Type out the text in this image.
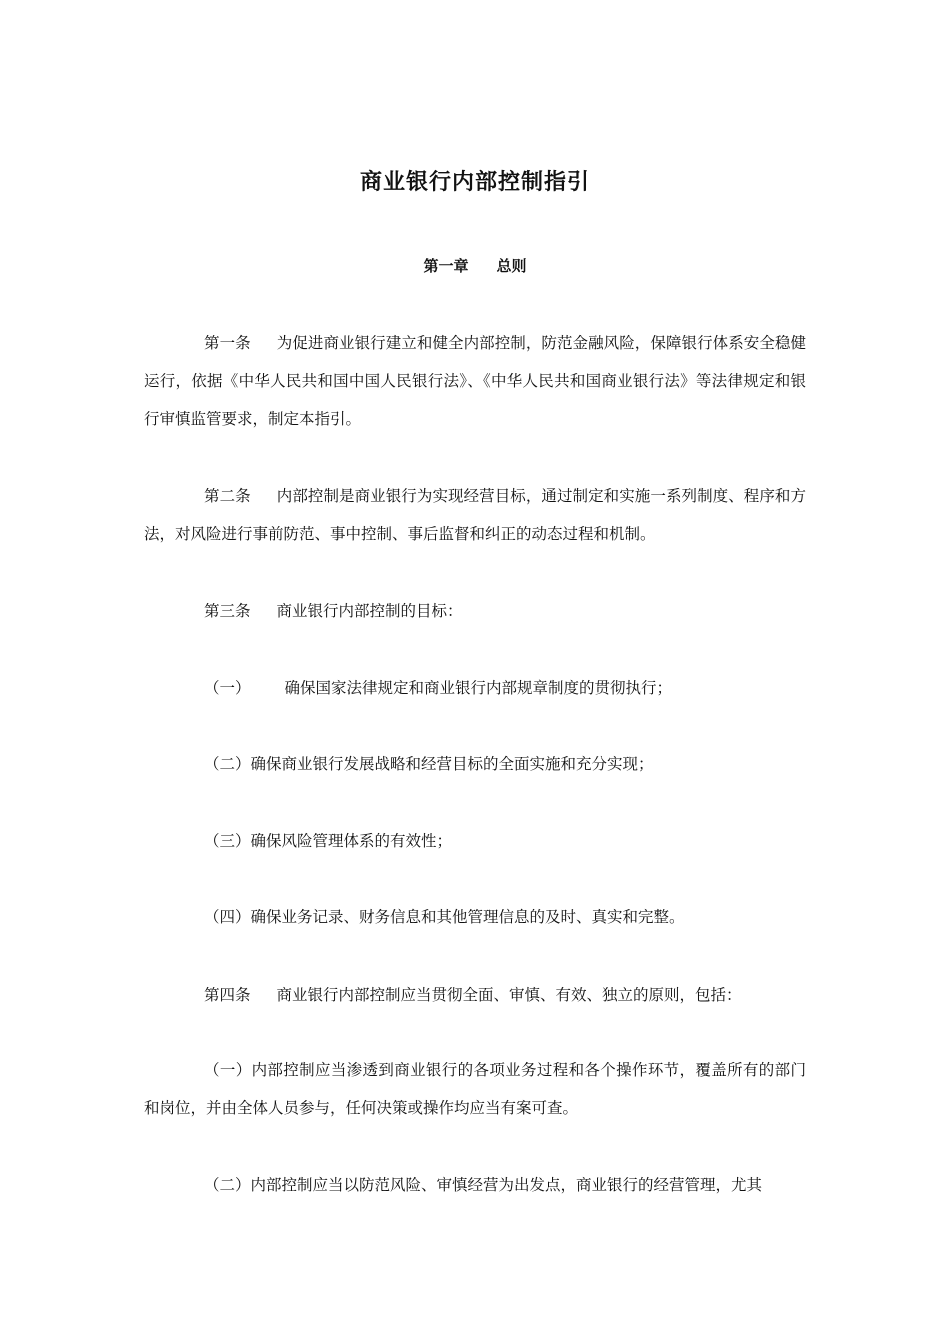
商业银行内部控制指引
第一章 总则

第一条 为促进商业银行建立和健全内部控制，防范金融风险，保障银行体系安全稳健运行，依据《中华人民共和国中国人民银行法》、《中华人民共和国商业银行法》等法律规定和银行审慎监管要求，制定本指引。

第二条 内部控制是商业银行为实现经营目标，通过制定和实施一系列制度、程序和方法，对风险进行事前防范、事中控制、事后监督和纠正的动态过程和机制。

第三条 商业银行内部控制的目标：

（一） 确保国家法律规定和商业银行内部规章制度的贯彻执行；

（二）确保商业银行发展战略和经营目标的全面实施和充分实现；

（三）确保风险管理体系的有效性；

（四）确保业务记录、财务信息和其他管理信息的及时、真实和完整。

第四条 商业银行内部控制应当贯彻全面、审慎、有效、独立的原则，包括：

（一）内部控制应当渗透到商业银行的各项业务过程和各个操作环节，覆盖所有的部门和岗位，并由全体人员参与，任何决策或操作均应当有案可查。

（二）内部控制应当以防范风险、审慎经营为出发点，商业银行的经营管理，尤其
